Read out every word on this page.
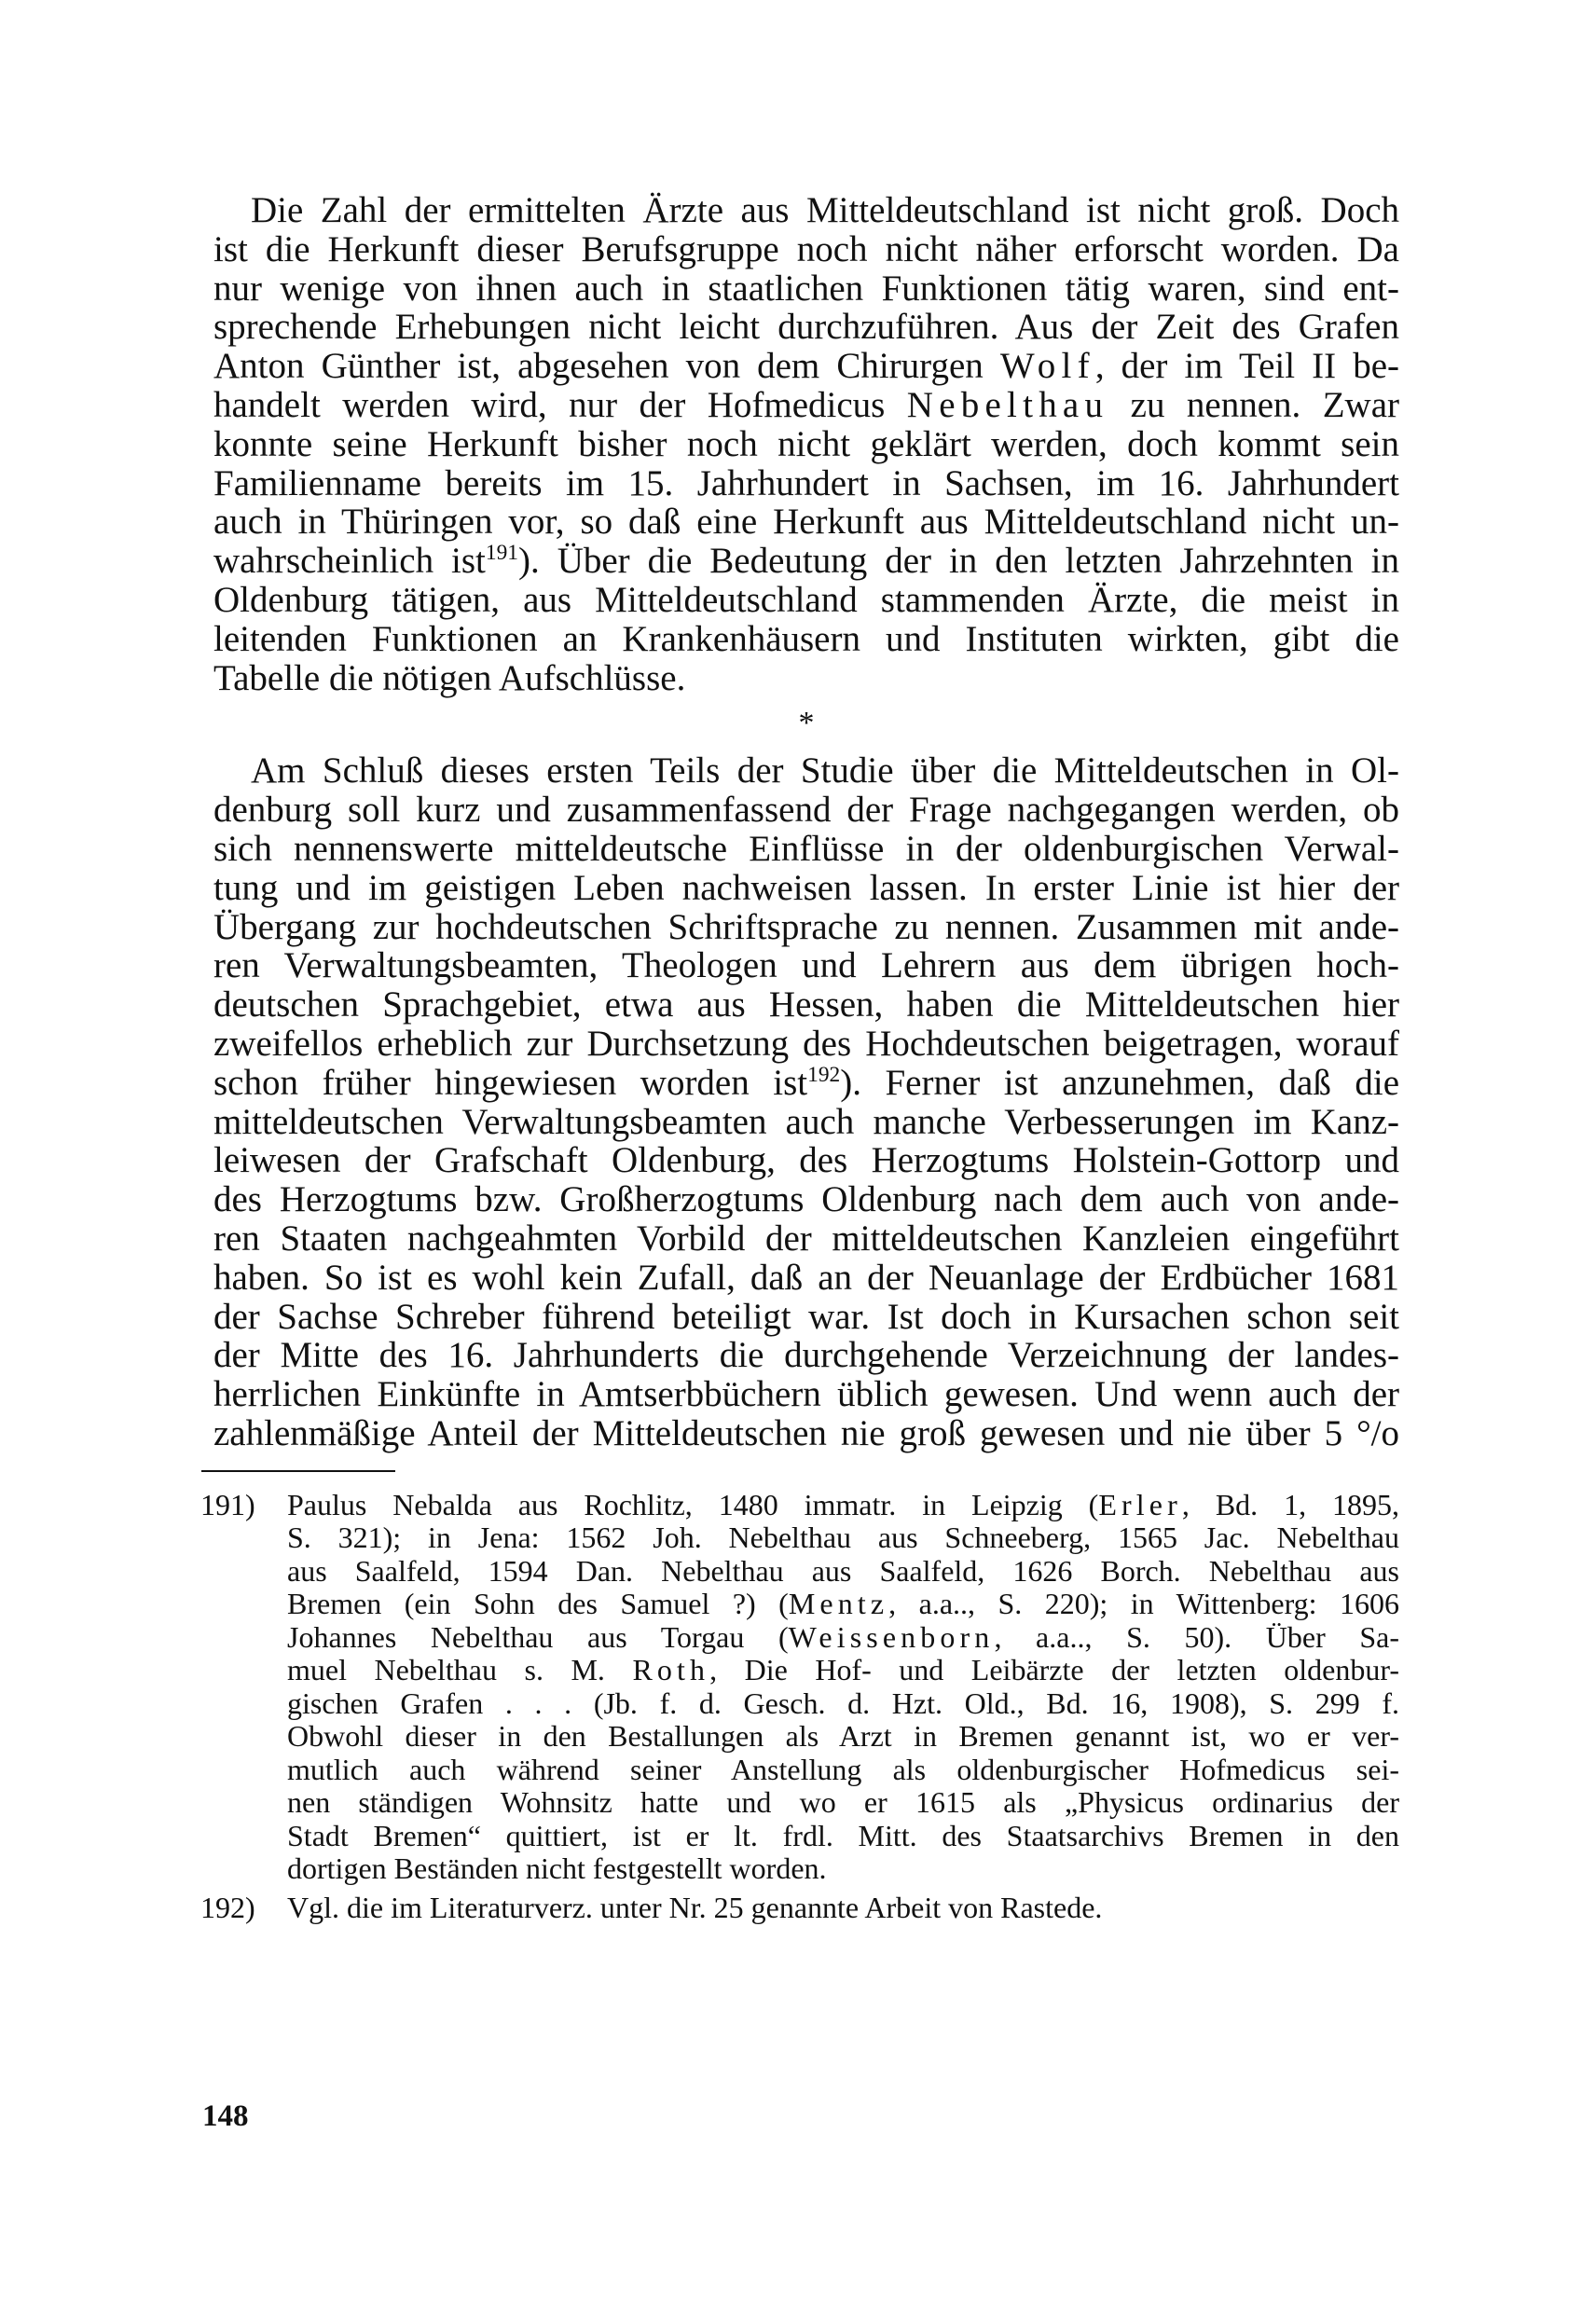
Die Zahl der ermittelten Ärzte aus Mitteldeutschland ist nicht groß. Doch
ist die Herkunft dieser Berufsgruppe noch nicht näher erforscht worden. Da
nur wenige von ihnen auch in staatlichen Funktionen tätig waren, sind ent-
sprechende Erhebungen nicht leicht durchzuführen. Aus der Zeit des Grafen
Anton Günther ist, abgesehen von dem Chirurgen Wolf, der im Teil II be-
handelt werden wird, nur der Hofmedicus Nebelthau zu nennen. Zwar
konnte seine Herkunft bisher noch nicht geklärt werden, doch kommt sein
Familienname bereits im 15. Jahrhundert in Sachsen, im 16. Jahrhundert
auch in Thüringen vor, so daß eine Herkunft aus Mitteldeutschland nicht un-
wahrscheinlich ist$^{191}$). Über die Bedeutung der in den letzten Jahrzehnten in
Oldenburg tätigen, aus Mitteldeutschland stammenden Ärzte, die meist in
leitenden Funktionen an Krankenhäusern und Instituten wirkten, gibt die
Tabelle die nötigen Aufschlüsse.
*
Am Schluß dieses ersten Teils der Studie über die Mitteldeutschen in Ol-
denburg soll kurz und zusammenfassend der Frage nachgegangen werden, ob
sich nennenswerte mitteldeutsche Einflüsse in der oldenburgischen Verwal-
tung und im geistigen Leben nachweisen lassen. In erster Linie ist hier der
Übergang zur hochdeutschen Schriftsprache zu nennen. Zusammen mit ande-
ren Verwaltungsbeamten, Theologen und Lehrern aus dem übrigen hoch-
deutschen Sprachgebiet, etwa aus Hessen, haben die Mitteldeutschen hier
zweifellos erheblich zur Durchsetzung des Hochdeutschen beigetragen, worauf
schon früher hingewiesen worden ist$^{192}$). Ferner ist anzunehmen, daß die
mitteldeutschen Verwaltungsbeamten auch manche Verbesserungen im Kanz-
leiwesen der Grafschaft Oldenburg, des Herzogtums Holstein-Gottorp und
des Herzogtums bzw. Großherzogtums Oldenburg nach dem auch von ande-
ren Staaten nachgeahmten Vorbild der mitteldeutschen Kanzleien eingeführt
haben. So ist es wohl kein Zufall, daß an der Neuanlage der Erdbücher 1681
der Sachse Schreber führend beteiligt war. Ist doch in Kursachen schon seit
der Mitte des 16. Jahrhunderts die durchgehende Verzeichnung der landes-
herrlichen Einkünfte in Amtserbbüchern üblich gewesen. Und wenn auch der
zahlenmäßige Anteil der Mitteldeutschen nie groß gewesen und nie über 5 °/o
191) Paulus Nebalda aus Rochlitz, 1480 immatr. in Leipzig (Erler, Bd. 1, 1895,
S. 321); in Jena: 1562 Joh. Nebelthau aus Schneeberg, 1565 Jac. Nebelthau
aus Saalfeld, 1594 Dan. Nebelthau aus Saalfeld, 1626 Borch. Nebelthau aus
Bremen (ein Sohn des Samuel ?) (Mentz, a.a.., S. 220); in Wittenberg: 1606
Johannes Nebelthau aus Torgau (Weissenborn, a.a.., S. 50). Über Sa-
muel Nebelthau s. M. Roth, Die Hof- und Leibärzte der letzten oldenbur-
gischen Grafen . . . (Jb. f. d. Gesch. d. Hzt. Old., Bd. 16, 1908), S. 299 f.
Obwohl dieser in den Bestallungen als Arzt in Bremen genannt ist, wo er ver-
mutlich auch während seiner Anstellung als oldenburgischer Hofmedicus sei-
nen ständigen Wohnsitz hatte und wo er 1615 als „Physicus ordinarius der
Stadt Bremen“ quittiert, ist er lt. frdl. Mitt. des Staatsarchivs Bremen in den
dortigen Beständen nicht festgestellt worden.
192) Vgl. die im Literaturverz. unter Nr. 25 genannte Arbeit von Rastede.
148
